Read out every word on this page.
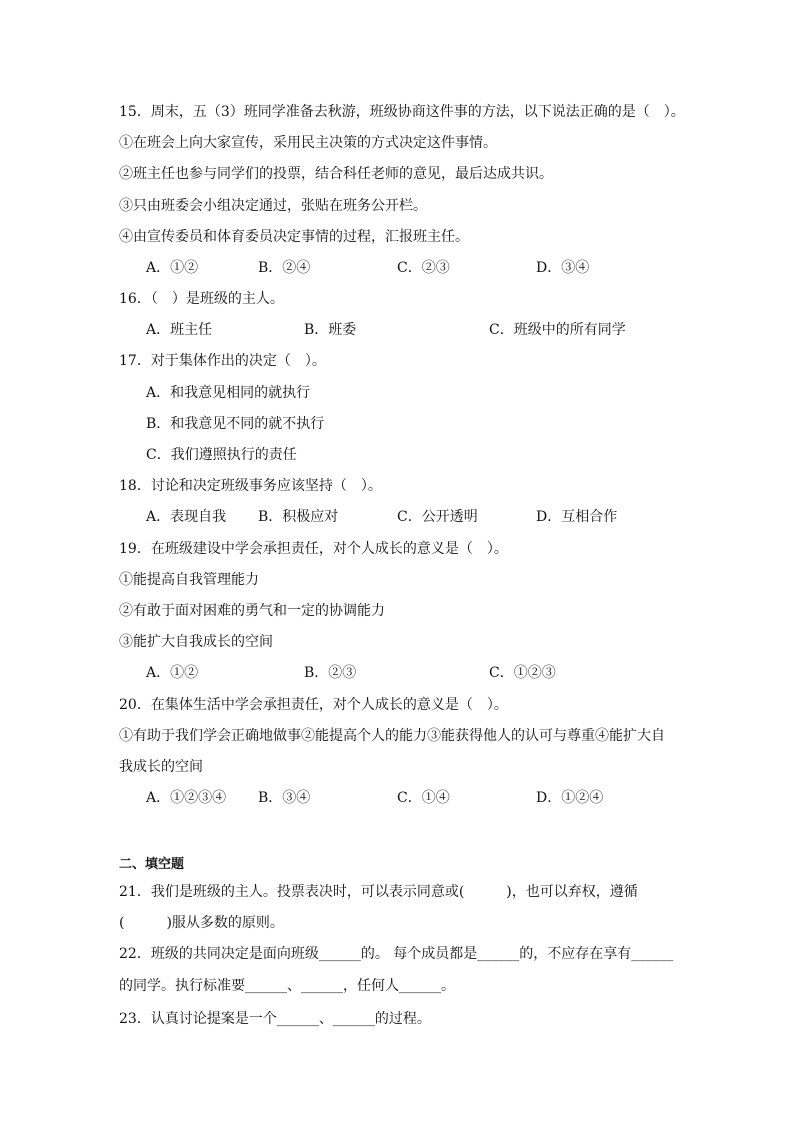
15．周末，五（3）班同学准备去秋游，班级协商这件事的方法，以下说法正确的是（　）。
①在班会上向大家宣传，采用民主决策的方式决定这件事情。
②班主任也参与同学们的投票，结合科任老师的意见，最后达成共识。
③只由班委会小组决定通过，张贴在班务公开栏。
④由宣传委员和体育委员决定事情的过程，汇报班主任。
A．①②	B．②④	C．②③	D．③④
16．（　）是班级的主人。
A．班主任	B．班委	C．班级中的所有同学
17．对于集体作出的决定（　）。
A．和我意见相同的就执行
B．和我意见不同的就不执行
C．我们遵照执行的责任
18．讨论和决定班级事务应该坚持（　）。
A．表现自我 B．积极应对	C．公开透明	D．互相合作
19．在班级建设中学会承担责任，对个人成长的意义是（　）。
①能提高自我管理能力
②有敢于面对困难的勇气和一定的协调能力
③能扩大自我成长的空间
A．①②	B．②③	C．①②③
20．在集体生活中学会承担责任，对个人成长的意义是（　）。
①有助于我们学会正确地做事②能提高个人的能力③能获得他人的认可与尊重④能扩大自
我成长的空间
A．①②③④ B．③④	C．①④	D．①②④
二、填空题
21．我们是班级的主人。投票表决时，可以表示同意或(　　　)，也可以弃权，遵循
(　　　)服从多数的原则。
22．班级的共同决定是面向班级______的。 每个成员都是______的，不应存在享有______
的同学。执行标准要______、______，任何人______。
23．认真讨论提案是一个______、______的过程。
